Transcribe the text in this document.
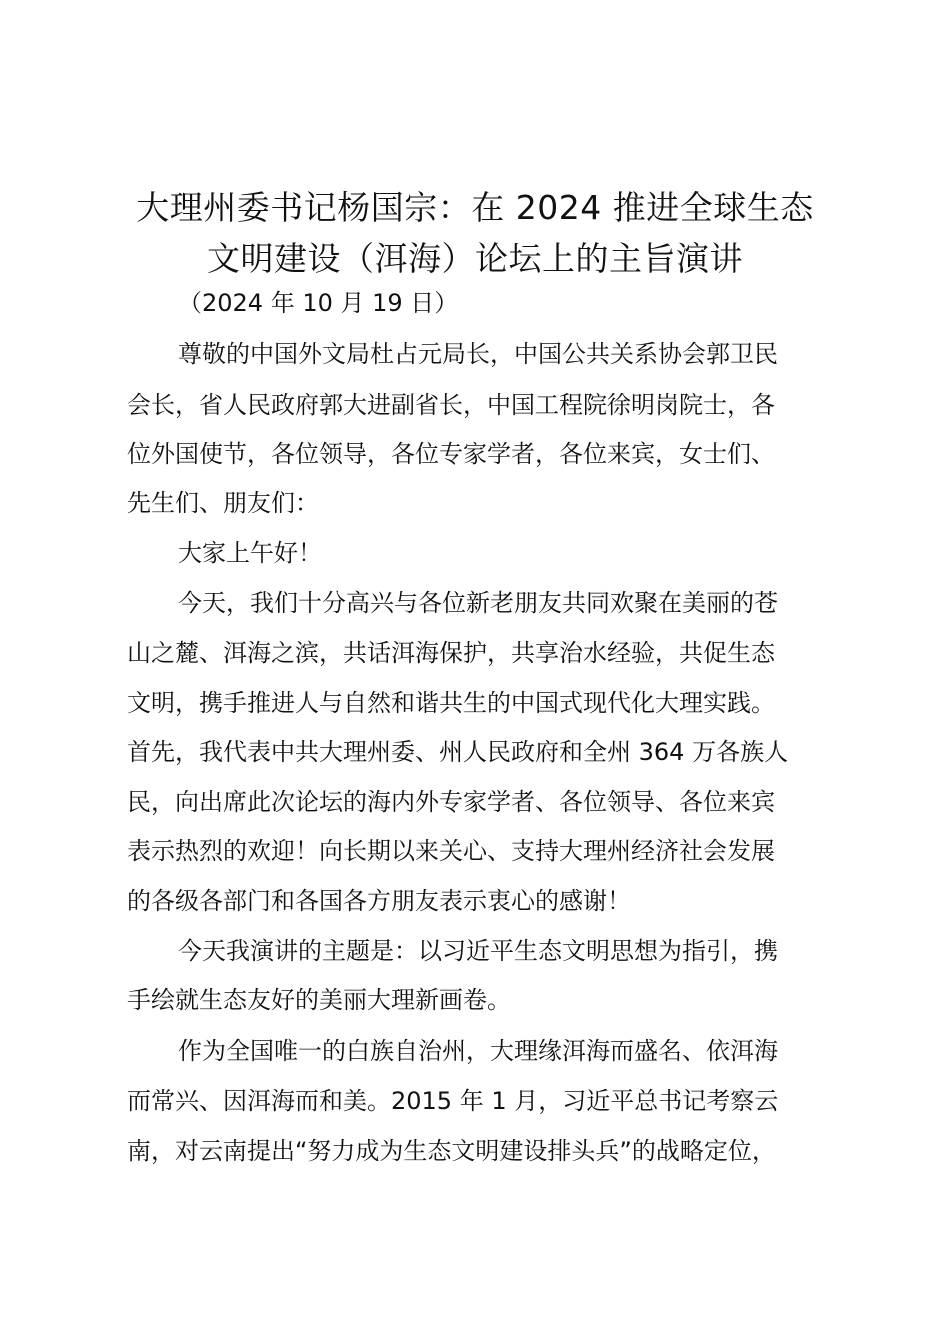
大理州委书记杨国宗：在 2024 推进全球生态
文明建设（洱海）论坛上的主旨演讲
（2024 年 10 月 19 日）

尊敬的中国外文局杜占元局长，中国公共关系协会郭卫民

会长，省人民政府郭大进副省长，中国工程院徐明岗院士，各

位外国使节，各位领导，各位专家学者，各位来宾，女士们、

先生们、朋友们：

大家上午好！

今天，我们十分高兴与各位新老朋友共同欢聚在美丽的苍

山之麓、洱海之滨，共话洱海保护，共享治水经验，共促生态

文明，携手推进人与自然和谐共生的中国式现代化大理实践。

首先，我代表中共大理州委、州人民政府和全州 364 万各族人

民，向出席此次论坛的海内外专家学者、各位领导、各位来宾

表示热烈的欢迎！向长期以来关心、支持大理州经济社会发展

的各级各部门和各国各方朋友表示衷心的感谢！

今天我演讲的主题是：以习近平生态文明思想为指引，携

手绘就生态友好的美丽大理新画卷。

作为全国唯一的白族自治州，大理缘洱海而盛名、依洱海

而常兴、因洱海而和美。2015 年 1 月，习近平总书记考察云

南，对云南提出“努力成为生态文明建设排头兵”的战略定位，
